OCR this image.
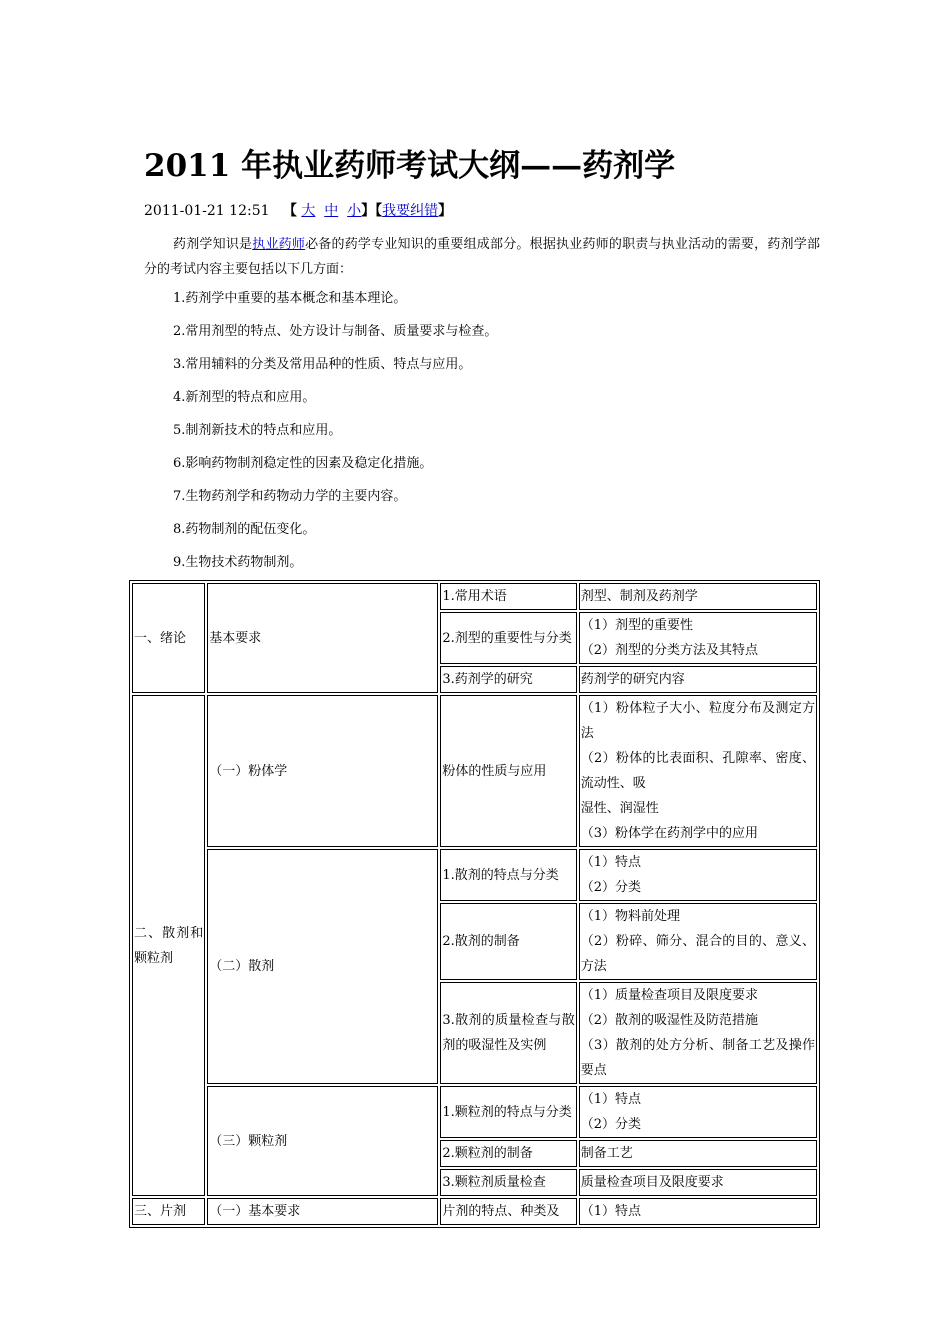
2011 年执业药师考试大纲——药剂学
2011-01-21 12:51 【 大 中 小】【我要纠错】
药剂学知识是执业药师必备的药学专业知识的重要组成部分。根据执业药师的职责与执业活动的需要，药剂学部分的考试内容主要包括以下几方面：
1.药剂学中重要的基本概念和基本理论。
2.常用剂型的特点、处方设计与制备、质量要求与检查。
3.常用辅料的分类及常用品种的性质、特点与应用。
4.新剂型的特点和应用。
5.制剂新技术的特点和应用。
6.影响药物制剂稳定性的因素及稳定化措施。
7.生物药剂学和药物动力学的主要内容。
8.药物制剂的配伍变化。
9.生物技术药物制剂。
一、绪论	基本要求	1.常用术语	剂型、制剂及药剂学

		2.剂型的重要性与分类	（1）剂型的重要性
（2）剂型的分类方法及其特点

		3.药剂学的研究	药剂学的研究内容

二、散剂和颗粒剂	（一）粉体学	粉体的性质与应用	（1）粉体粒子大小、粒度分布及测定方法
（2）粉体的比表面积、孔隙率、密度、流动性、吸
湿性、润湿性
（3）粉体学在药剂学中的应用

	（二）散剂	1.散剂的特点与分类	（1）特点
（2）分类

		2.散剂的制备	（1）物料前处理
（2）粉碎、筛分、混合的目的、意义、方法

		3.散剂的质量检查与散剂的吸湿性及实例	（1）质量检查项目及限度要求
（2）散剂的吸湿性及防范措施
（3）散剂的处方分析、制备工艺及操作要点

	（三）颗粒剂	1.颗粒剂的特点与分类	（1）特点
（2）分类

		2.颗粒剂的制备	制备工艺

		3.颗粒剂质量检查	质量检查项目及限度要求

三、片剂	（一）基本要求	片剂的特点、种类及	（1）特点
